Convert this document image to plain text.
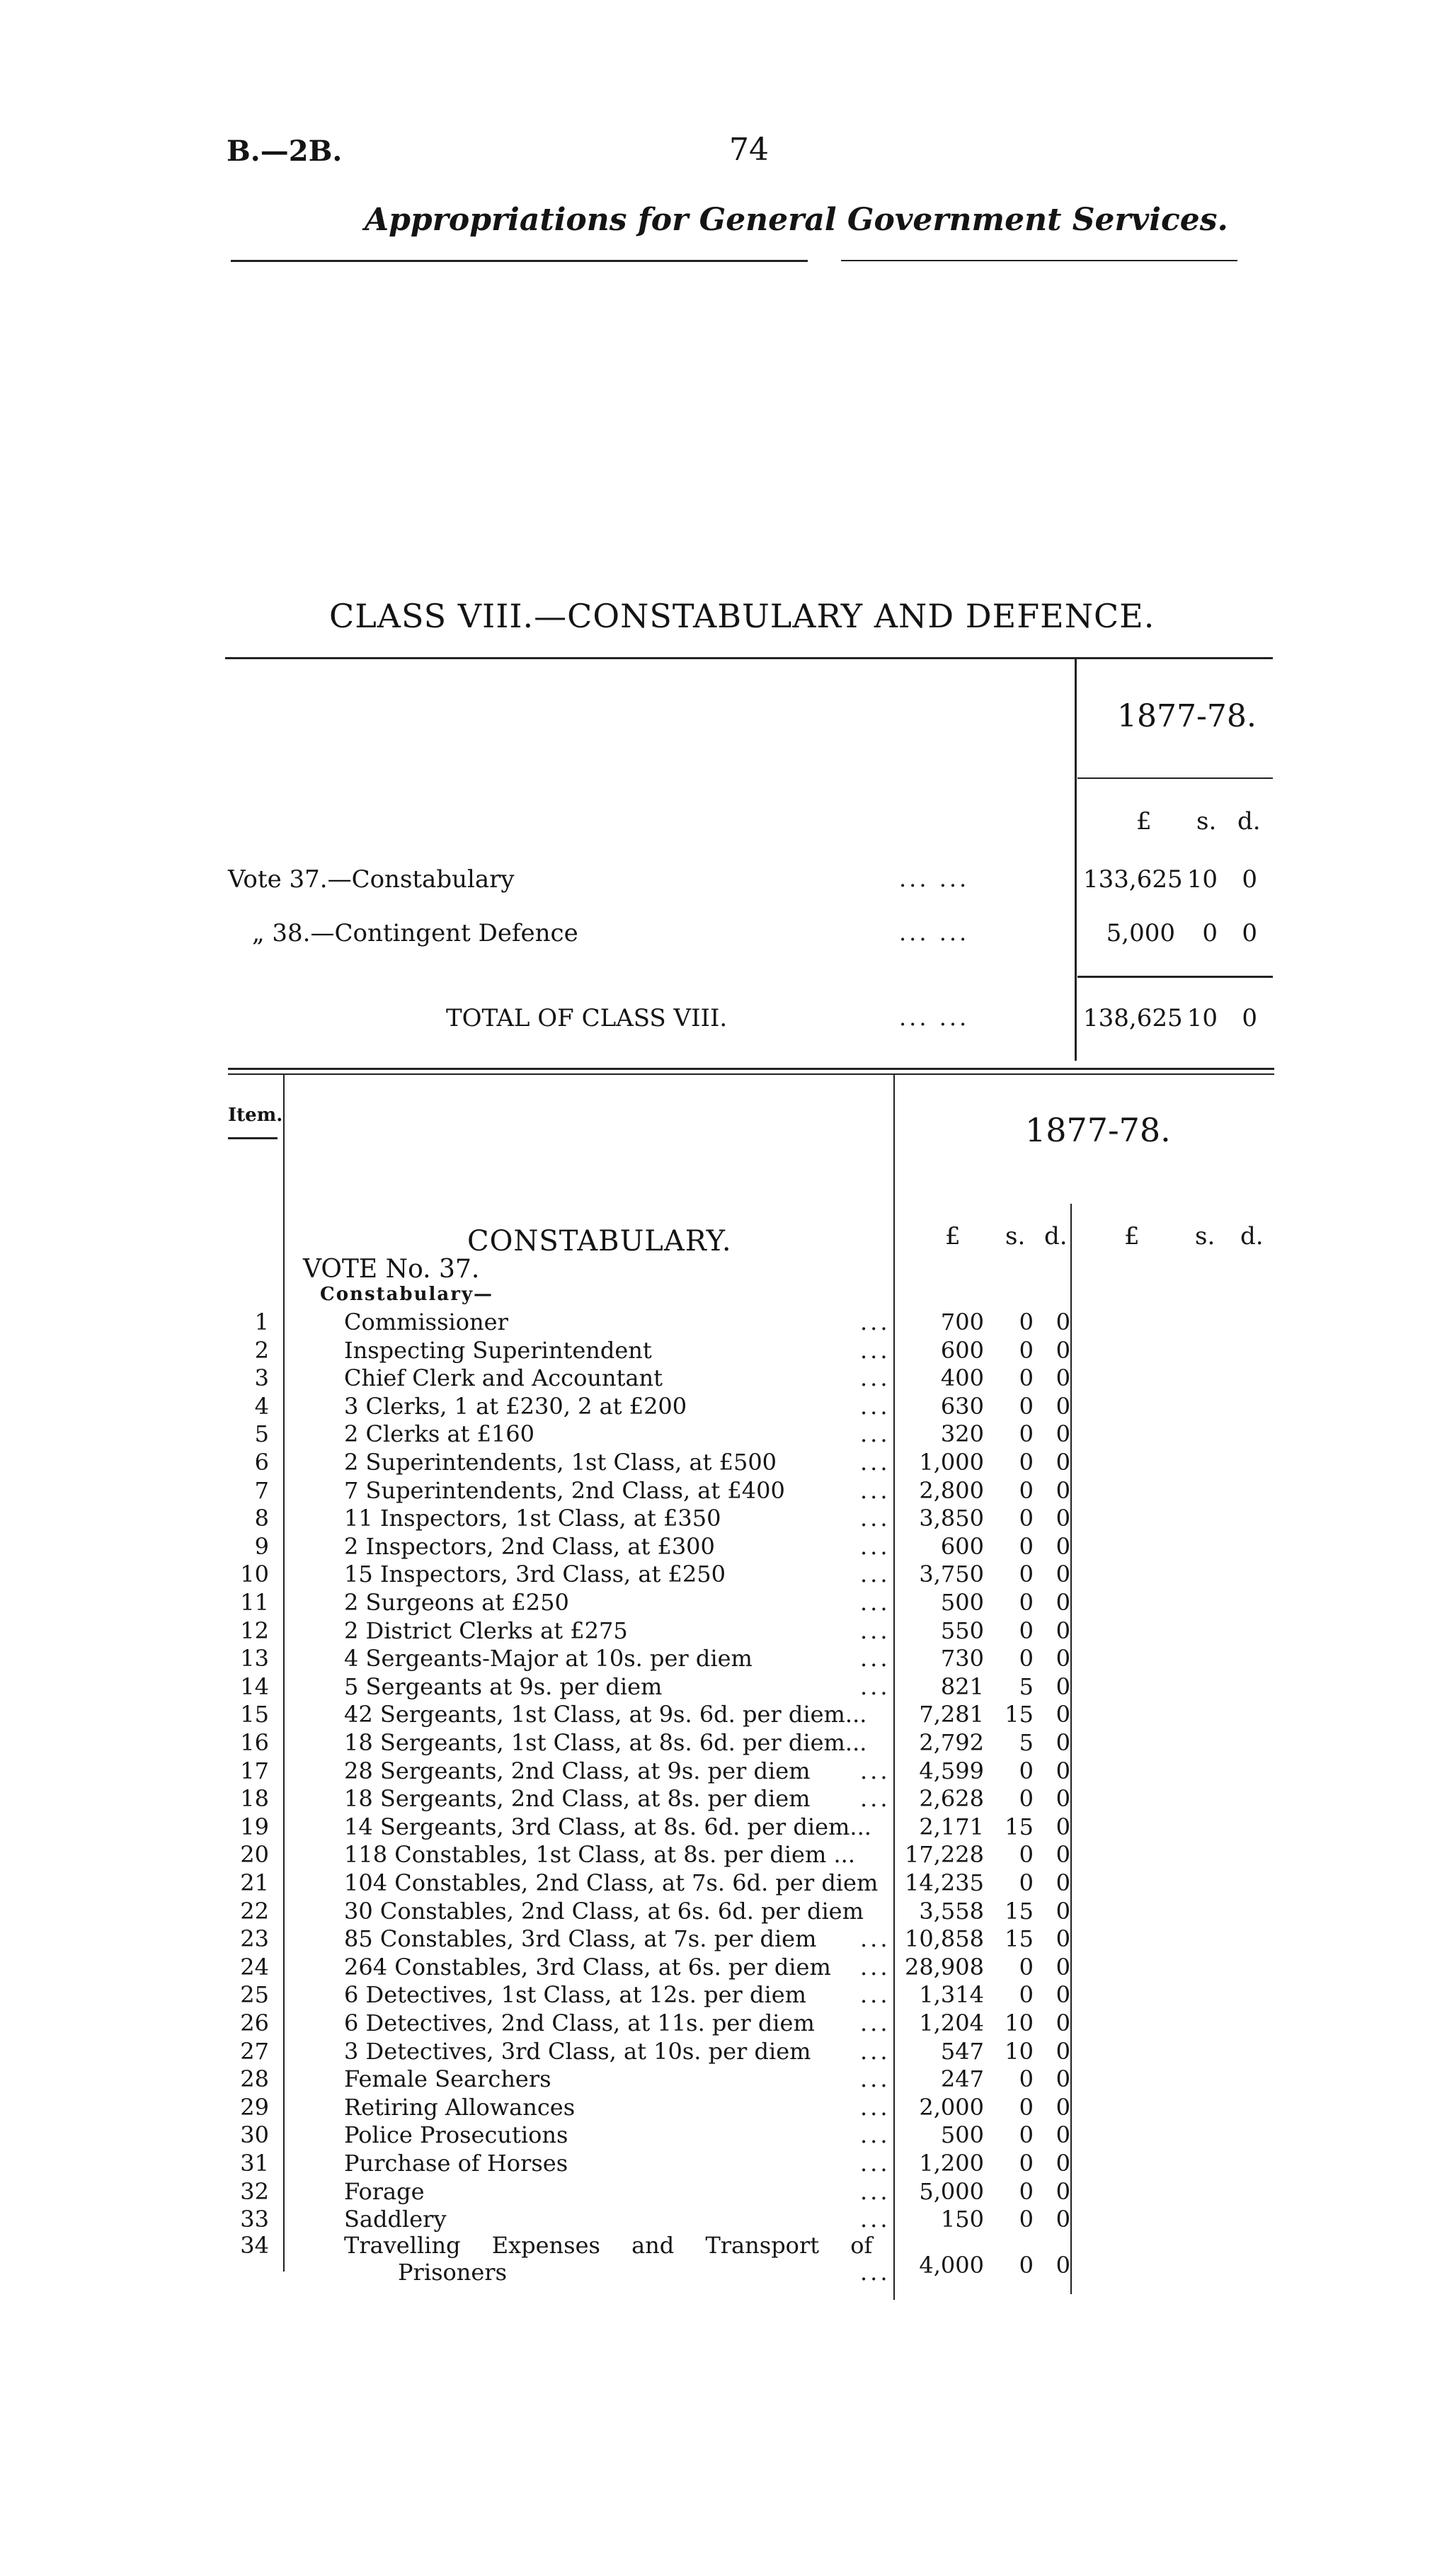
B.—2B.	74
Appropriations for General Government Services.
CLASS VIII.—CONSTABULARY AND DEFENCE.
1877-78.
£ s. d.
Vote 37.—Constabulary	... ...	133,625 10	0
„ 38.—Contingent Defence	... ...	5,000	0	0
TOTAL OF CLASS VIII.	... ...	138,625 10	0
Item.	1877-78.
£ s. d. £ s. d.
CONSTABULARY.
VOTE No. 37.
Constabulary—
1	Commissioner	...	700	0 0
2	Inspecting Superintendent	...	600	0 0
3	Chief Clerk and Accountant	...	400	0 0
4	3 Clerks, 1 at £230, 2 at £200	...	630	0 0
5	2 Clerks at £160	...	320	0 0
6	2 Superintendents, 1st Class, at £500	...	1,000	0 0
7	7 Superintendents, 2nd Class, at £400	...	2,800	0 0
8	11 Inspectors, 1st Class, at £350	...	3,850	0 0
9	2 Inspectors, 2nd Class, at £300	...	600	0 0
10	15 Inspectors, 3rd Class, at £250	...	3,750	0 0
11	2 Surgeons at £250	...	500	0 0
12	2 District Clerks at £275	...	550	0 0
13	4 Sergeants-Major at 10s. per diem	...	730	0 0
14	5 Sergeants at 9s. per diem	...	821	5 0
15	42 Sergeants, 1st Class, at 9s. 6d. per diem...	7,281 15 0
16	18 Sergeants, 1st Class, at 8s. 6d. per diem...	2,792	5 0
17	28 Sergeants, 2nd Class, at 9s. per diem ...	4,599	0 0
18	18 Sergeants, 2nd Class, at 8s. per diem ...	2,628	0 0
19	14 Sergeants, 3rd Class, at 8s. 6d. per diem...	2,171 15 0
20	118 Constables, 1st Class, at 8s. per diem ... 17,228	0 0
21	104 Constables, 2nd Class, at 7s. 6d. per diem 14,235	0 0
22	30 Constables, 2nd Class, at 6s. 6d. per diem	3,558 15 0
23	85 Constables, 3rd Class, at 7s. per diem ... 10,858 15 0
24	264 Constables, 3rd Class, at 6s. per diem ... 28,908	0 0
25	6 Detectives, 1st Class, at 12s. per diem ...	1,314	0 0
26	6 Detectives, 2nd Class, at 11s. per diem ...	1,204 10 0
27	3 Detectives, 3rd Class, at 10s. per diem ...	547 10 0
28	Female Searchers	...	247	0 0
29	Retiring Allowances	...	2,000	0 0
30	Police Prosecutions	...	500	0 0
31	Purchase of Horses	...	1,200	0 0
32	Forage	...	5,000	0 0
33	Saddlery	...	150	0 0
34	Travelling Expenses and Transport of
Prisoners	...	4,000	0 0
